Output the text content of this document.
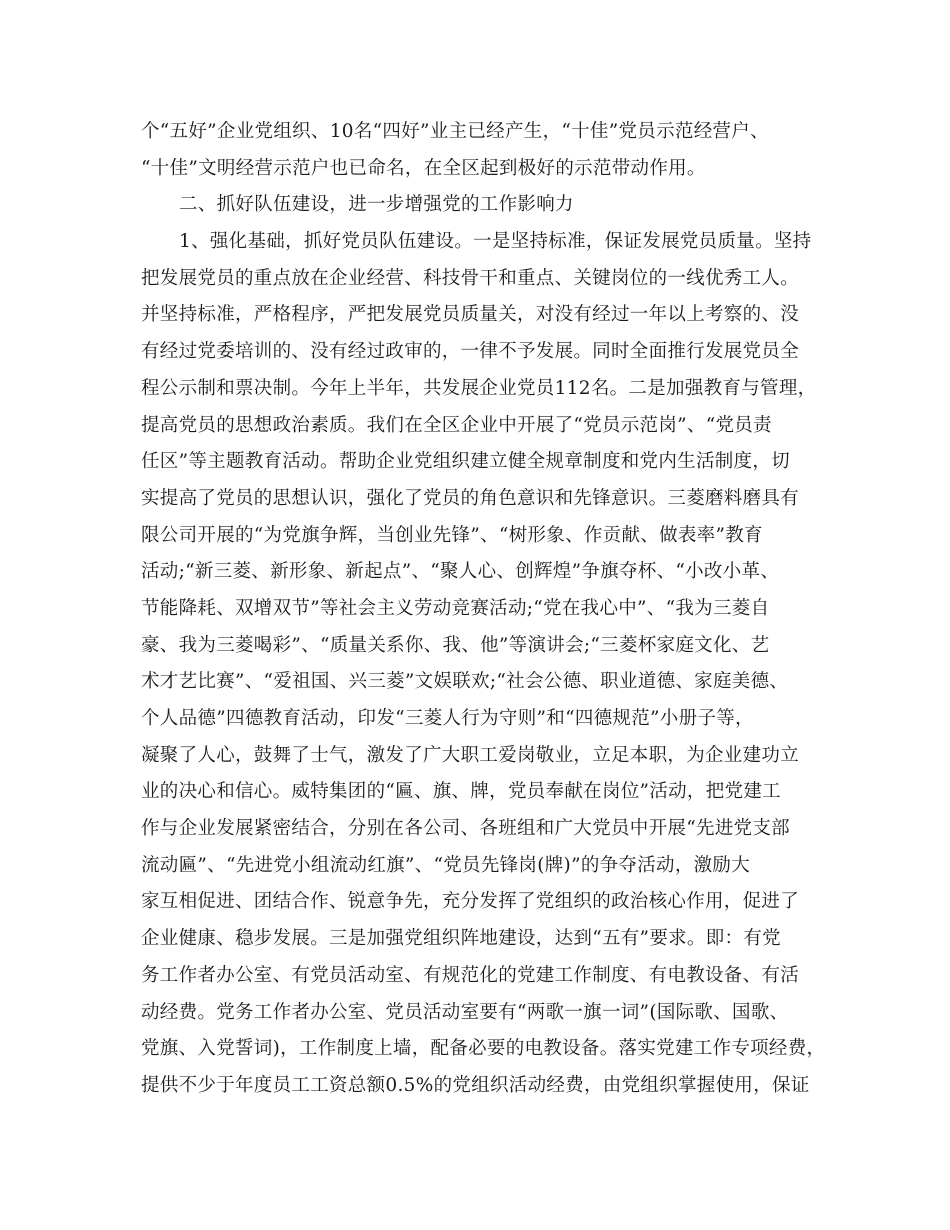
个“五好”企业党组织、10名“四好”业主已经产生，“十佳”党员示范经营户、
“十佳”文明经营示范户也已命名，在全区起到极好的示范带动作用。
二、抓好队伍建设，进一步增强党的工作影响力
1、强化基础，抓好党员队伍建设。一是坚持标准，保证发展党员质量。坚持
把发展党员的重点放在企业经营、科技骨干和重点、关键岗位的一线优秀工人。
并坚持标准，严格程序，严把发展党员质量关，对没有经过一年以上考察的、没
有经过党委培训的、没有经过政审的，一律不予发展。同时全面推行发展党员全
程公示制和票决制。今年上半年，共发展企业党员112名。二是加强教育与管理，
提高党员的思想政治素质。我们在全区企业中开展了“党员示范岗”、“党员责
任区”等主题教育活动。帮助企业党组织建立健全规章制度和党内生活制度，切
实提高了党员的思想认识，强化了党员的角色意识和先锋意识。三菱磨料磨具有
限公司开展的“为党旗争辉，当创业先锋”、“树形象、作贡献、做表率”教育
活动;“新三菱、新形象、新起点”、“聚人心、创辉煌”争旗夺杯、“小改小革、
节能降耗、双增双节”等社会主义劳动竞赛活动;“党在我心中”、“我为三菱自
豪、我为三菱喝彩”、“质量关系你、我、他”等演讲会;“三菱杯家庭文化、艺
术才艺比赛”、“爱祖国、兴三菱”文娱联欢;“社会公德、职业道德、家庭美德、
个人品德”四德教育活动，印发“三菱人行为守则”和“四德规范”小册子等，
凝聚了人心，鼓舞了士气，激发了广大职工爱岗敬业，立足本职，为企业建功立
业的决心和信心。威特集团的“匾、旗、牌，党员奉献在岗位”活动，把党建工
作与企业发展紧密结合，分别在各公司、各班组和广大党员中开展“先进党支部
流动匾”、“先进党小组流动红旗”、“党员先锋岗(牌)”的争夺活动，激励大
家互相促进、团结合作、锐意争先，充分发挥了党组织的政治核心作用，促进了
企业健康、稳步发展。三是加强党组织阵地建设，达到“五有”要求。即：有党
务工作者办公室、有党员活动室、有规范化的党建工作制度、有电教设备、有活
动经费。党务工作者办公室、党员活动室要有“两歌一旗一词”(国际歌、国歌、
党旗、入党誓词)，工作制度上墙，配备必要的电教设备。落实党建工作专项经费，
提供不少于年度员工工资总额0.5%的党组织活动经费，由党组织掌握使用，保证
